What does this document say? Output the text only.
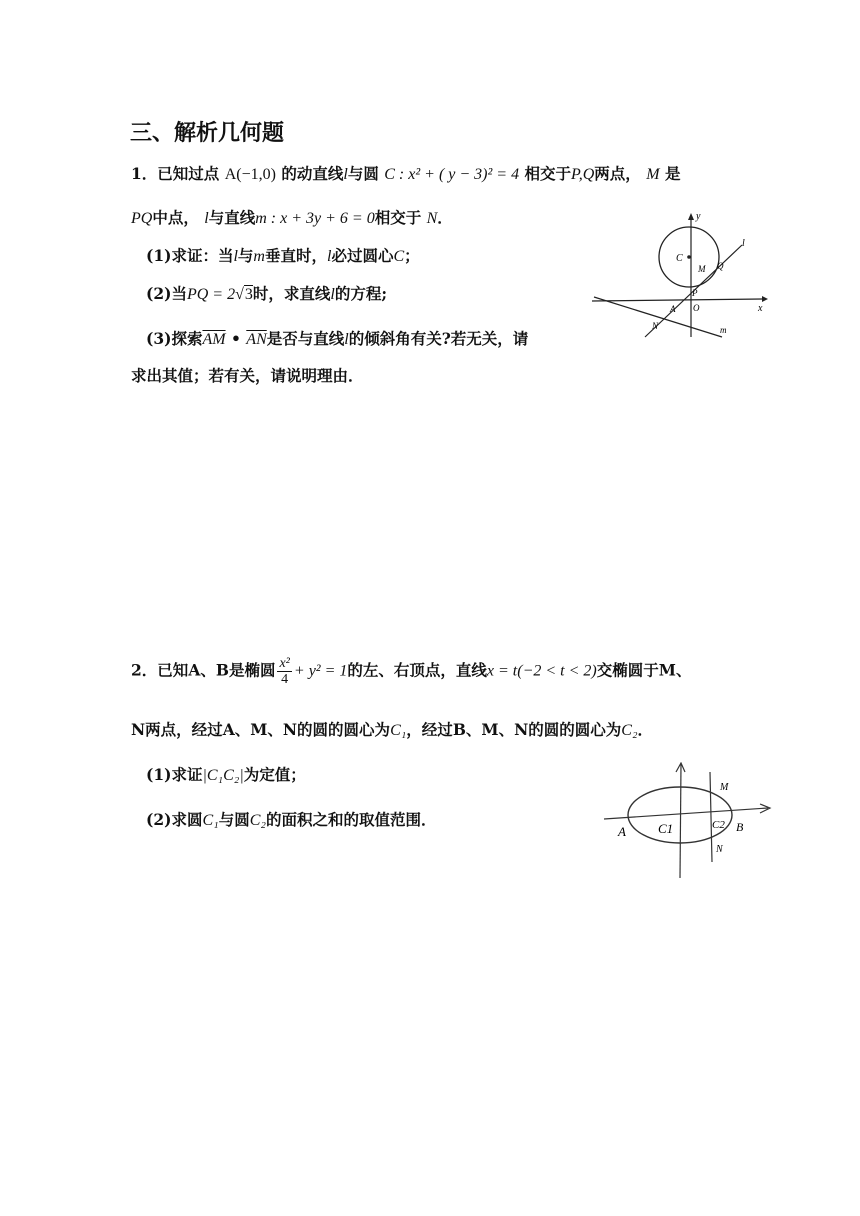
三、解析几何题
1．已知过点 A(−1,0) 的动直线l与圆 C : x² + ( y − 3)² = 4 相交于P,Q两点， M 是
PQ中点， l与直线m : x + 3y + 6 = 0相交于 N．
(1)求证：当l与m垂直时，l必过圆心C；
(2)当PQ = 2√3时，求直线l的方程;
(3)探索$\overline{AM}$ • $\overline{AN}$是否与直线l的倾斜角有关?若无关，请
求出其值；若有关，请说明理由．
l
y
x
C
M Q
P
A O
N	m
2．已知A、B是椭圆 $\frac{\text{x²}}{4} + y^2 = 1$的左、右顶点，直线x = t(−2 < t < 2)交椭圆于M、
N两点，经过A、M、N的圆的圆心为C₁，经过B、M、N的圆的圆心为C₂．
(1)求证|C₁C₂|为定值；
(2)求圆C₁与圆C₂的面积之和的取值范围．
M
A C1	C2 B
N
